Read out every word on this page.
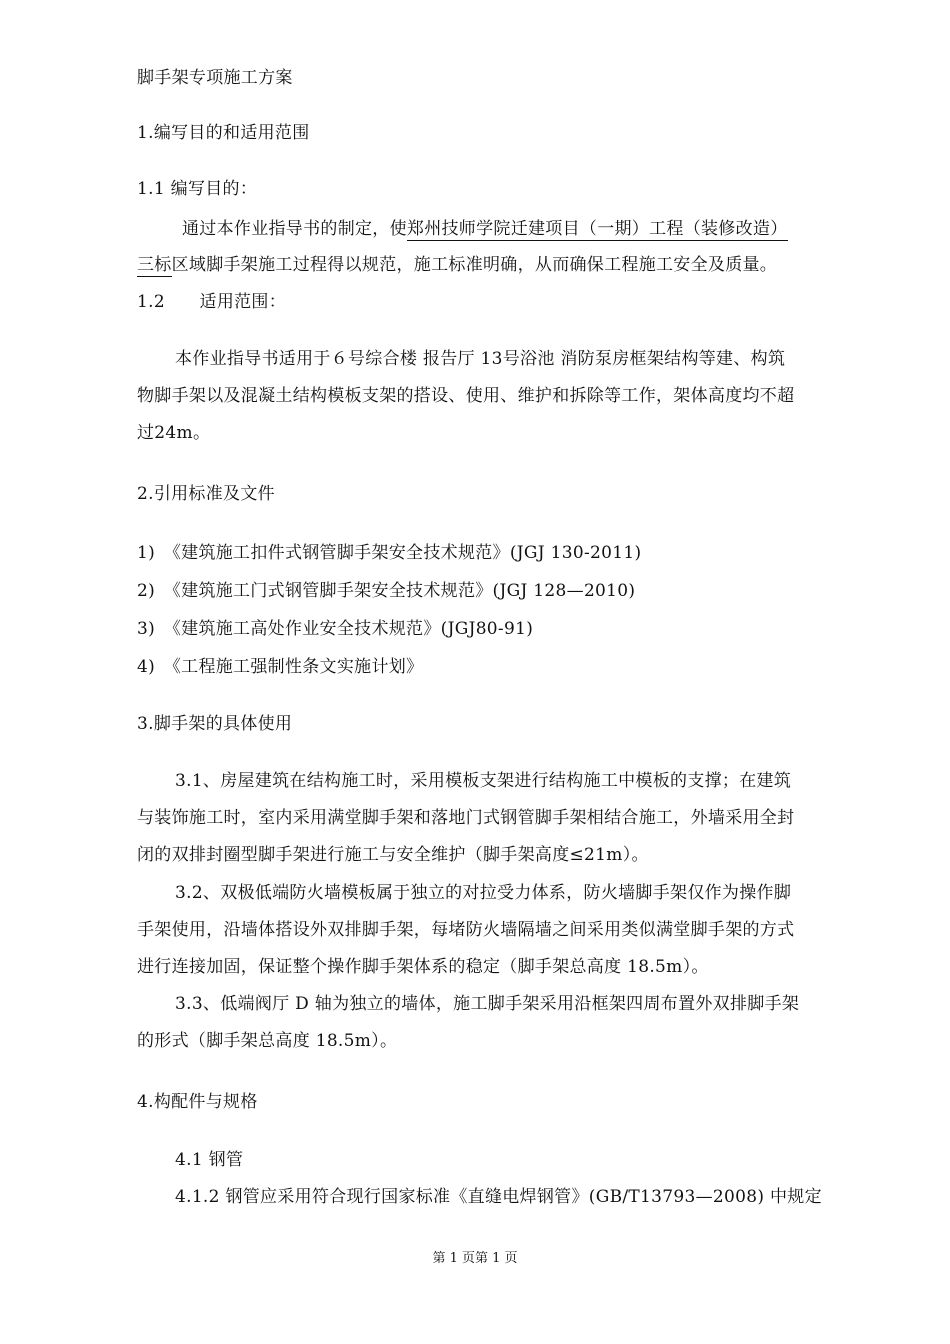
脚手架专项施工方案
1.编写目的和适用范围
1.1 编写目的：
通过本作业指导书的制定，使郑州技师学院迁建项目（一期）工程（装修改造）
三标区域脚手架施工过程得以规范，施工标准明确，从而确保工程施工安全及质量。
1.2　　适用范围：
本作业指导书适用于６号综合楼 报告厅 13号浴池 消防泵房框架结构等建、构筑
物脚手架以及混凝土结构模板支架的搭设、使用、维护和拆除等工作，架体高度均不超
过24m。
2.引用标准及文件
1)　《建筑施工扣件式钢管脚手架安全技术规范》(JGJ 130-2011)
2)　《建筑施工门式钢管脚手架安全技术规范》(JGJ 128—2010)
3)　《建筑施工高处作业安全技术规范》(JGJ80-91)
4)　《工程施工强制性条文实施计划》
3.脚手架的具体使用
3.1、房屋建筑在结构施工时，采用模板支架进行结构施工中模板的支撑；在建筑
与装饰施工时，室内采用满堂脚手架和落地门式钢管脚手架相结合施工，外墙采用全封
闭的双排封圈型脚手架进行施工与安全维护（脚手架高度≤21m）。
3.2、双极低端防火墙模板属于独立的对拉受力体系，防火墙脚手架仅作为操作脚
手架使用，沿墙体搭设外双排脚手架，每堵防火墙隔墙之间采用类似满堂脚手架的方式
进行连接加固，保证整个操作脚手架体系的稳定（脚手架总高度 18.5m）。
3.3、低端阀厅 D 轴为独立的墙体，施工脚手架采用沿框架四周布置外双排脚手架
的形式（脚手架总高度 18.5m）。
4.构配件与规格
4.1 钢管
4.1.2 钢管应采用符合现行国家标准《直缝电焊钢管》(GB/T13793—2008) 中规定
第 1 页第 1 页
